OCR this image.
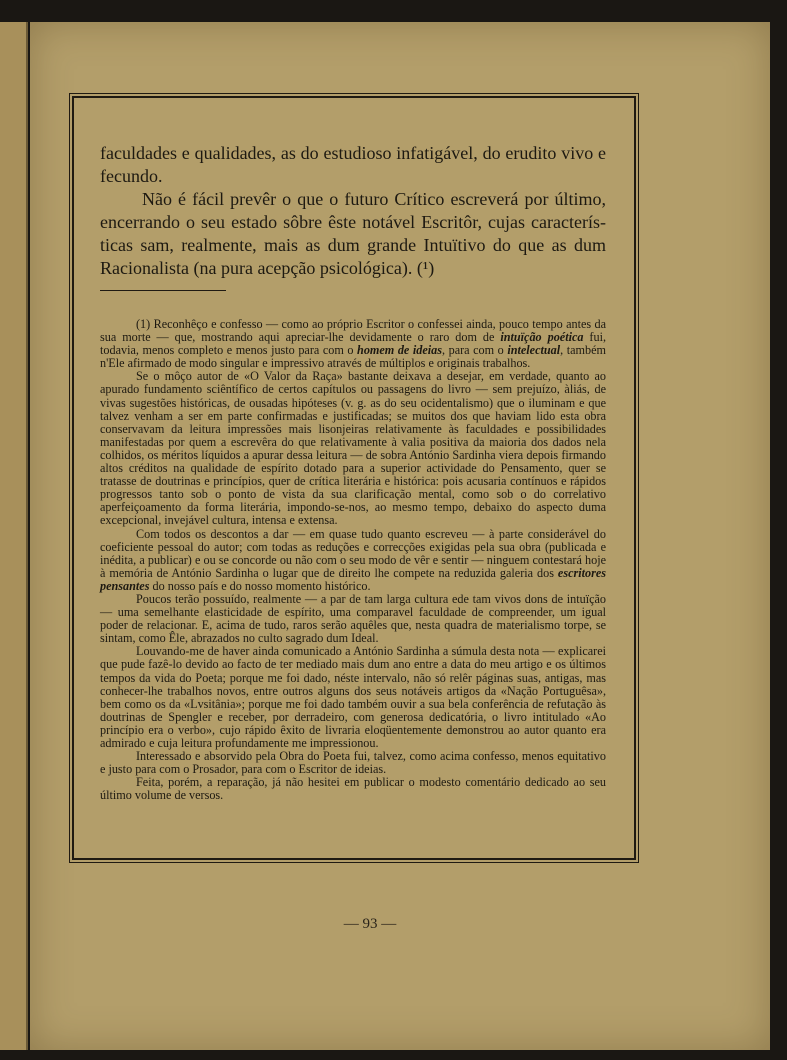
faculdades e qualidades, as do estudioso infatigável, do erudito vivo e fecundo.

Não é fácil prevêr o que o futuro Crítico escreverá por último, encerrando o seu estado sôbre êste notável Escritôr, cujas características sam, realmente, mais as dum grande Intuïtivo do que as dum Racionalista (na pura acepção psicológica). (¹)

(1) Reconhêço e confesso — como ao próprio Escritor o confessei ainda, pouco tempo antes da sua morte — que, mostrando aqui apreciar-lhe devidamente o raro dom de intuïção poética fui, todavia, menos completo e menos justo para com o homem de ideias, para com o intelectual, também n'Ele afirmado de modo singular e impressivo através de múltiplos e originais trabalhos.

Se o môço autor de «O Valor da Raça» bastante deixava a desejar, em verdade, quanto ao apurado fundamento sciêntífico de certos capítulos ou passagens do livro — sem prejuízo, àliás, de vivas sugestões históricas, de ousadas hipóteses (v. g. as do seu ocidentalismo) que o iluminam e que talvez venham a ser em parte confirmadas e justificadas; se muitos dos que haviam lido esta obra conservavam da leitura impressões mais lisonjeiras relativamente às faculdades e possibilidades manifestadas por quem a escrevêra do que relativamente à valia positiva da maioria dos dados nela colhidos, os méritos líquidos a apurar dessa leitura — de sobra António Sardinha viera depois firmando altos créditos na qualidade de espírito dotado para a superior actividade do Pensamento, quer se tratasse de doutrinas e princípios, quer de crítica literária e histórica: pois acusaria contínuos e rápidos progressos tanto sob o ponto de vista da sua clarificação mental, como sob o do correlativo aperfeiçoamento da forma literária, impondo-se-nos, ao mesmo tempo, debaixo do aspecto duma excepcional, invejável cultura, intensa e extensa.

Com todos os descontos a dar — em quase tudo quanto escreveu — à parte considerável do coeficiente pessoal do autor; com todas as reduções e correcções exigidas pela sua obra (publicada e inédita, a publicar) e ou se concorde ou não com o seu modo de vêr e sentir — ninguem contestará hoje à memória de António Sardinha o lugar que de direito lhe compete na reduzida galeria dos escritores pensantes do nosso país e do nosso momento histórico.

Poucos terão possuído, realmente — a par de tam larga cultura ede tam vivos dons de intuïção — uma semelhante elasticidade de espírito, uma comparavel faculdade de compreender, um igual poder de relacionar. E, acima de tudo, raros serão aquêles que, nesta quadra de materialismo torpe, se sintam, como Êle, abrazados no culto sagrado dum Ideal.

Louvando-me de haver ainda comunicado a António Sardinha a súmula desta nota — explicarei que pude fazê-lo devido ao facto de ter mediado mais dum ano entre a data do meu artigo e os últimos tempos da vida do Poeta; porque me foi dado, néste intervalo, não só relêr páginas suas, antigas, mas conhecer-lhe trabalhos novos, entre outros alguns dos seus notáveis artigos da «Nação Portuguêsa», bem como os da «Lvsitânia»; porque me foi dado também ouvir a sua bela conferência de refutação às doutrinas de Spengler e receber, por derradeiro, com generosa dedicatória, o livro intitulado «Ao princípio era o verbo», cujo rápido êxito de livraria eloqüentemente demonstrou ao autor quanto era admirado e cuja leitura profundamente me impressionou.

Interessado e absorvido pela Obra do Poeta fui, talvez, como acima confesso, menos equitativo e justo para com o Prosador, para com o Escritor de ideias.

Feita, porém, a reparação, já não hesitei em publicar o modesto comentário dedicado ao seu último volume de versos.

— 93 —
